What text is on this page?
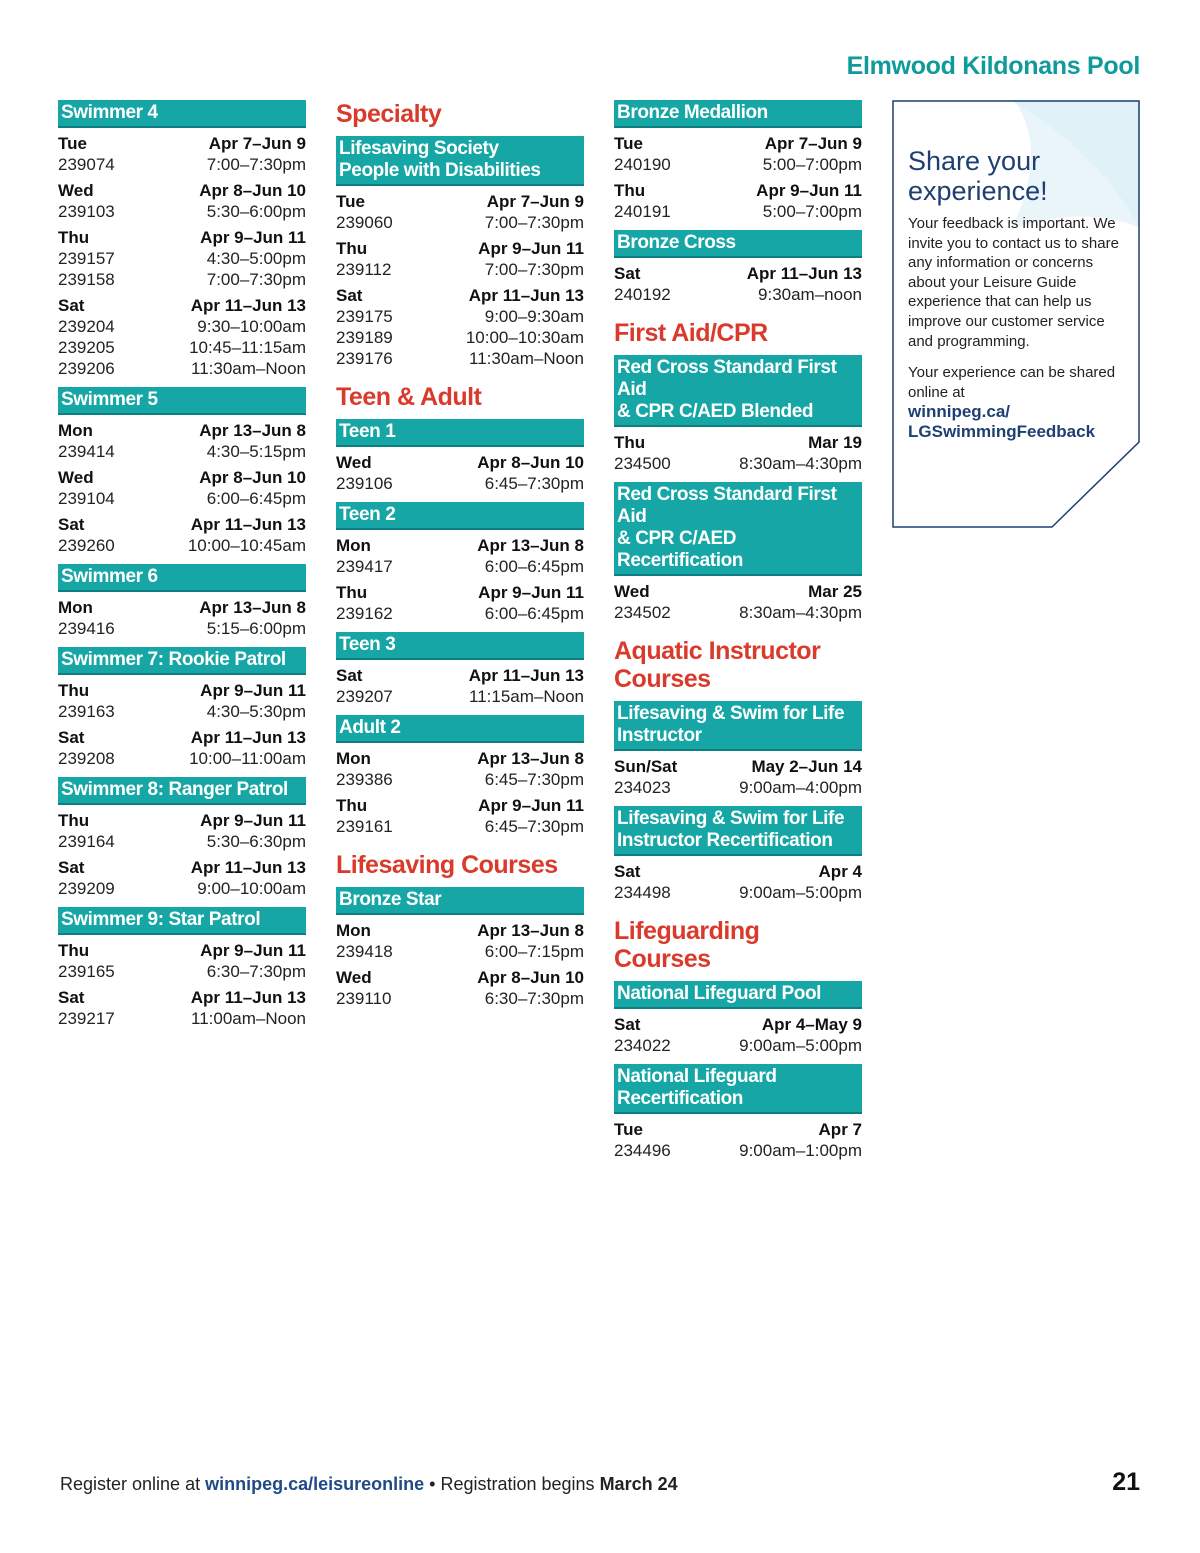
Elmwood Kildonans Pool
Swimmer 4
Tue	Apr 7–Jun 9
239074	7:00–7:30pm
Wed	Apr 8–Jun 10
239103	5:30–6:00pm
Thu	Apr 9–Jun 11
239157	4:30–5:00pm
239158	7:00–7:30pm
Sat	Apr 11–Jun 13
239204	9:30–10:00am
239205	10:45–11:15am
239206	11:30am–Noon
Swimmer 5
Mon	Apr 13–Jun 8
239414	4:30–5:15pm
Wed	Apr 8–Jun 10
239104	6:00–6:45pm
Sat	Apr 11–Jun 13
239260	10:00–10:45am
Swimmer 6
Mon	Apr 13–Jun 8
239416	5:15–6:00pm
Swimmer 7: Rookie Patrol
Thu	Apr 9–Jun 11
239163	4:30–5:30pm
Sat	Apr 11–Jun 13
239208	10:00–11:00am
Swimmer 8: Ranger Patrol
Thu	Apr 9–Jun 11
239164	5:30–6:30pm
Sat	Apr 11–Jun 13
239209	9:00–10:00am
Swimmer 9: Star Patrol
Thu	Apr 9–Jun 11
239165	6:30–7:30pm
Sat	Apr 11–Jun 13
239217	11:00am–Noon
Specialty
Lifesaving Society
People with Disabilities
Tue	Apr 7–Jun 9
239060	7:00–7:30pm
Thu	Apr 9–Jun 11
239112	7:00–7:30pm
Sat	Apr 11–Jun 13
239175	9:00–9:30am
239189	10:00–10:30am
239176	11:30am–Noon
Teen & Adult
Teen 1
Wed	Apr 8–Jun 10
239106	6:45–7:30pm
Teen 2
Mon	Apr 13–Jun 8
239417	6:00–6:45pm
Thu	Apr 9–Jun 11
239162	6:00–6:45pm
Teen 3
Sat	Apr 11–Jun 13
239207	11:15am–Noon
Adult 2
Mon	Apr 13–Jun 8
239386	6:45–7:30pm
Thu	Apr 9–Jun 11
239161	6:45–7:30pm
Lifesaving Courses
Bronze Star
Mon	Apr 13–Jun 8
239418	6:00–7:15pm
Wed	Apr 8–Jun 10
239110	6:30–7:30pm
Bronze Medallion
Tue	Apr 7–Jun 9
240190	5:00–7:00pm
Thu	Apr 9–Jun 11
240191	5:00–7:00pm
Bronze Cross
Sat	Apr 11–Jun 13
240192	9:30am–noon
First Aid/CPR
Red Cross Standard First Aid
& CPR C/AED Blended
Thu	Mar 19
234500	8:30am–4:30pm
Red Cross Standard First Aid
& CPR C/AED Recertification
Wed	Mar 25
234502	8:30am–4:30pm
Aquatic Instructor
Courses
Lifesaving & Swim for Life
Instructor
Sun/Sat	May 2–Jun 14
234023	9:00am–4:00pm
Lifesaving & Swim for Life
Instructor Recertification
Sat	Apr 4
234498	9:00am–5:00pm
Lifeguarding Courses
National Lifeguard Pool
Sat	Apr 4–May 9
234022	9:00am–5:00pm
National Lifeguard
Recertification
Tue	Apr 7
234496	9:00am–1:00pm
Share your
experience!
Your feedback is important. We invite you to contact us to share any information or concerns about your Leisure Guide experience that can help us improve our customer service and programming.
Your experience can be shared online at
winnipeg.ca/
LGSwimmingFeedback
Register online at winnipeg.ca/leisureonline • Registration begins March 24	21
